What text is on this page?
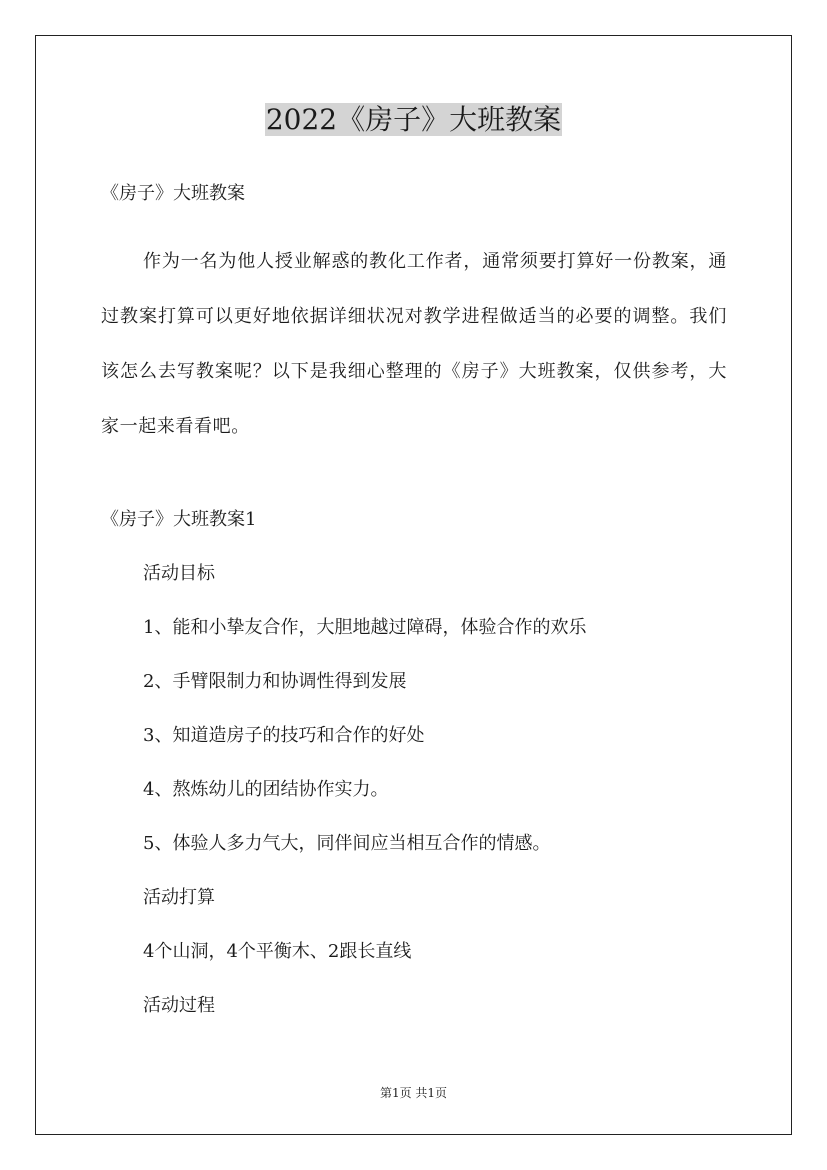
2022《房子》大班教案
《房子》大班教案
作为一名为他人授业解惑的教化工作者，通常须要打算好一份教案，通过教案打算可以更好地依据详细状况对教学进程做适当的必要的调整。我们该怎么去写教案呢？以下是我细心整理的《房子》大班教案，仅供参考，大家一起来看看吧。
《房子》大班教案1
活动目标
1、能和小挚友合作，大胆地越过障碍，体验合作的欢乐
2、手臂限制力和协调性得到发展
3、知道造房子的技巧和合作的好处
4、熬炼幼儿的团结协作实力。
5、体验人多力气大，同伴间应当相互合作的情感。
活动打算
4个山洞，4个平衡木、2跟长直线
活动过程
第1页 共1页
